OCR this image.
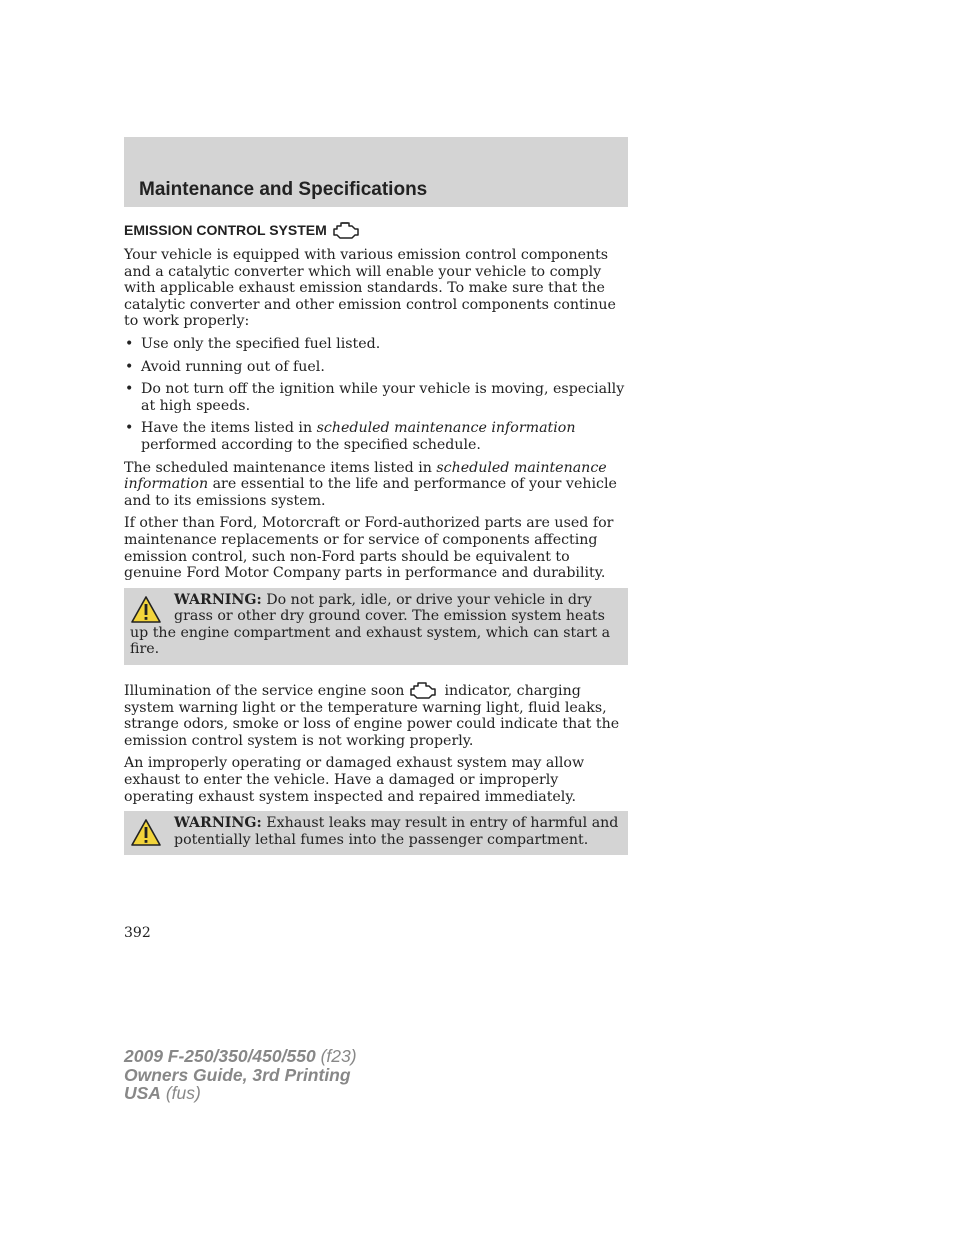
Maintenance and Specifications
EMISSION CONTROL SYSTEM

Your vehicle is equipped with various emission control components and a catalytic converter which will enable your vehicle to comply with applicable exhaust emission standards. To make sure that the catalytic converter and other emission control components continue to work properly:

• Use only the specified fuel listed.
• Avoid running out of fuel.
• Do not turn off the ignition while your vehicle is moving, especially at high speeds.
• Have the items listed in scheduled maintenance information performed according to the specified schedule.

The scheduled maintenance items listed in scheduled maintenance information are essential to the life and performance of your vehicle and to its emissions system.

If other than Ford, Motorcraft or Ford-authorized parts are used for maintenance replacements or for service of components affecting emission control, such non-Ford parts should be equivalent to genuine Ford Motor Company parts in performance and durability.

WARNING: Do not park, idle, or drive your vehicle in dry grass or other dry ground cover. The emission system heats up the engine compartment and exhaust system, which can start a fire.

Illumination of the service engine soon	indicator, charging system warning light or the temperature warning light, fluid leaks, strange odors, smoke or loss of engine power could indicate that the emission control system is not working properly.

An improperly operating or damaged exhaust system may allow exhaust to enter the vehicle. Have a damaged or improperly operating exhaust system inspected and repaired immediately.

WARNING: Exhaust leaks may result in entry of harmful and potentially lethal fumes into the passenger compartment.
392
2009 F-250/350/450/550 (f23)
Owners Guide, 3rd Printing
USA (fus)
